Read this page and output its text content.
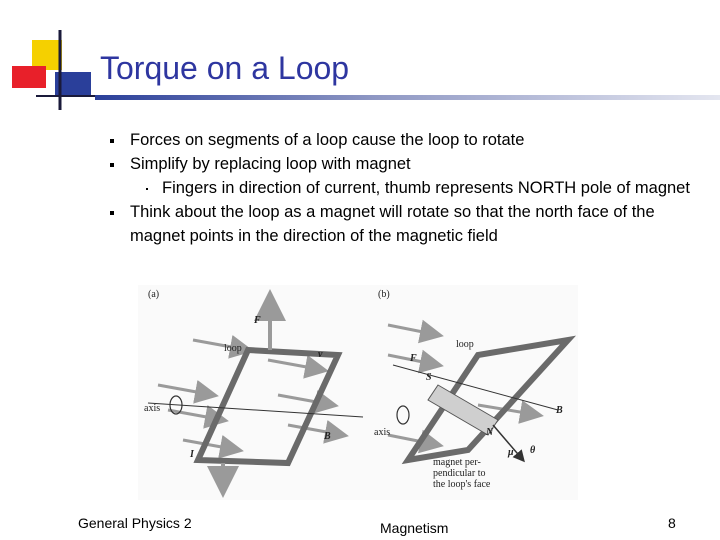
Torque on a Loop
Forces on segments of a loop cause the loop to rotate
Simplify by replacing loop with magnet
Fingers in direction of current, thumb represents NORTH pole of magnet
Think about the loop as a magnet will rotate so that the north face of the magnet points in the direction of the magnetic field
(a)
axis
loop
F
v
B
I
(b)
axis
loop
S
N
F
B
μ θ
magnet per-
pendicular to
the loop's face
General Physics 2	Magnetism	8
